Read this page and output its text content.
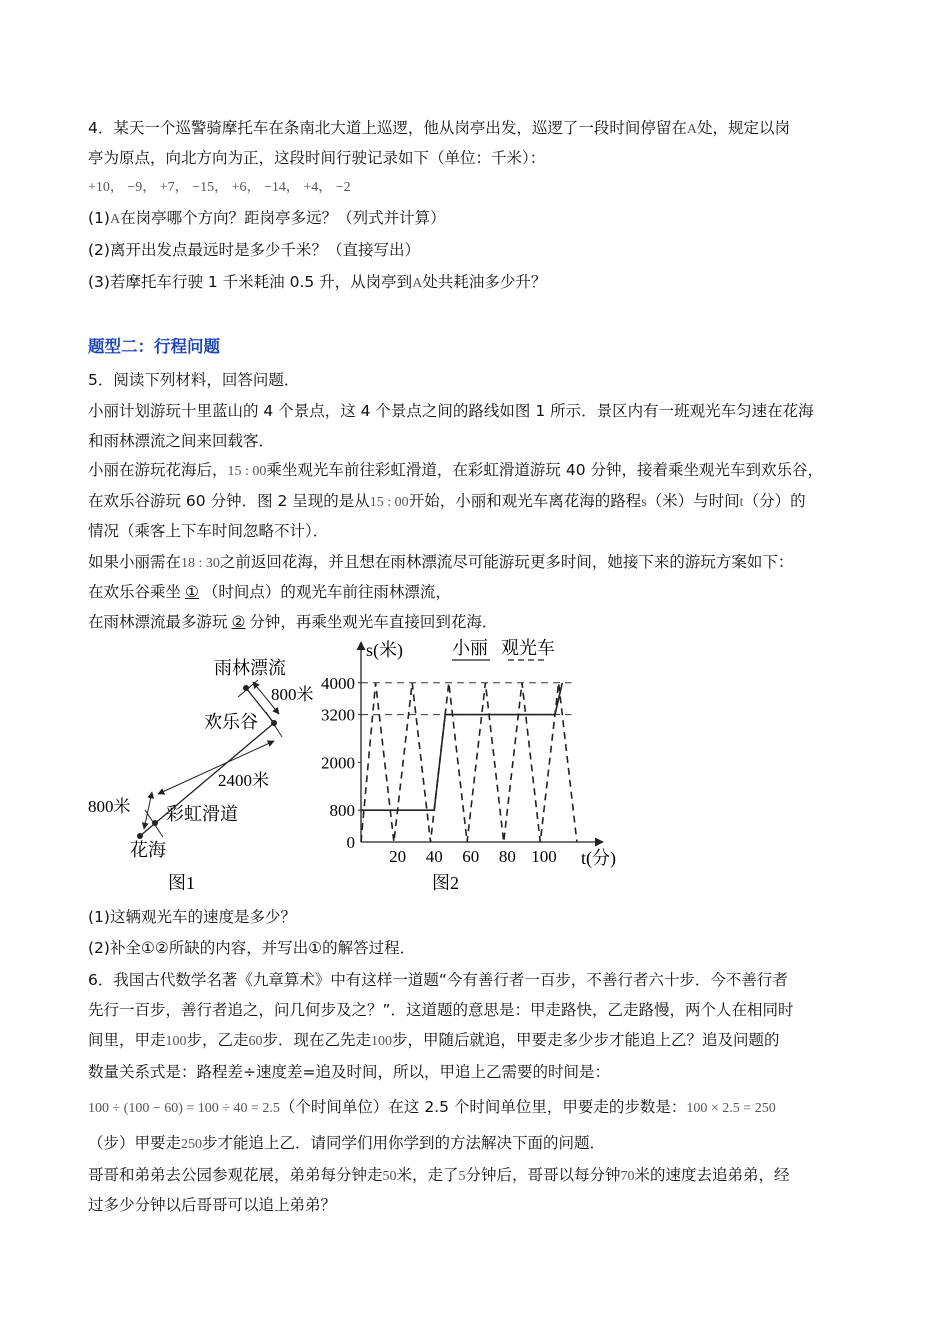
4．某天一个巡警骑摩托车在条南北大道上巡逻，他从岗亭出发，巡逻了一段时间停留在A处，规定以岗
亭为原点，向北方向为正，这段时间行驶记录如下（单位：千米）：
+10， −9， +7， −15， +6， −14， +4， −2
(1)A在岗亭哪个方向？距岗亭多远？（列式并计算）
(2)离开出发点最远时是多少千米？（直接写出）
(3)若摩托车行驶 1 千米耗油 0.5 升，从岗亭到A处共耗油多少升？
题型二：行程问题
5．阅读下列材料，回答问题．
小丽计划游玩十里蓝山的 4 个景点，这 4 个景点之间的路线如图 1 所示．景区内有一班观光车匀速在花海
和雨林漂流之间来回载客．
小丽在游玩花海后，15 : 00乘坐观光车前往彩虹滑道，在彩虹滑道游玩 40 分钟，接着乘坐观光车到欢乐谷，
在欢乐谷游玩 60 分钟．图 2 呈现的是从15 : 00开始，小丽和观光车离花海的路程s（米）与时间t（分）的
情况（乘客上下车时间忽略不计）．
如果小丽需在18 : 30之前返回花海，并且想在雨林漂流尽可能游玩更多时间，她接下来的游玩方案如下：
在欢乐谷乘坐 ① （时间点）的观光车前往雨林漂流，
在雨林漂流最多游玩 ② 分钟，再乘坐观光车直接回到花海．
雨林漂流
800米
欢乐谷
2400米
800米 彩虹滑道
花海
图1
s(米)
t(分)
小丽 观光车
20 40 60 80 100
4000
3200
2000
800
0
图2
(1)这辆观光车的速度是多少？
(2)补全①②所缺的内容，并写出①的解答过程．
6．我国古代数学名著《九章算术》中有这样一道题“今有善行者一百步，不善行者六十步．今不善行者
先行一百步，善行者追之，问几何步及之？”．这道题的意思是：甲走路快，乙走路慢，两个人在相同时
间里，甲走100步，乙走60步．现在乙先走100步，甲随后就追，甲要走多少步才能追上乙？追及问题的
数量关系式是：路程差÷速度差=追及时间，所以，甲追上乙需要的时间是：
100 ÷ (100 − 60) = 100 ÷ 40 = 2.5（个时间单位）在这 2.5 个时间单位里，甲要走的步数是：100 × 2.5 = 250
（步）甲要走250步才能追上乙．请同学们用你学到的方法解决下面的问题．
哥哥和弟弟去公园参观花展，弟弟每分钟走50米，走了5分钟后，哥哥以每分钟70米的速度去追弟弟，经
过多少分钟以后哥哥可以追上弟弟？
